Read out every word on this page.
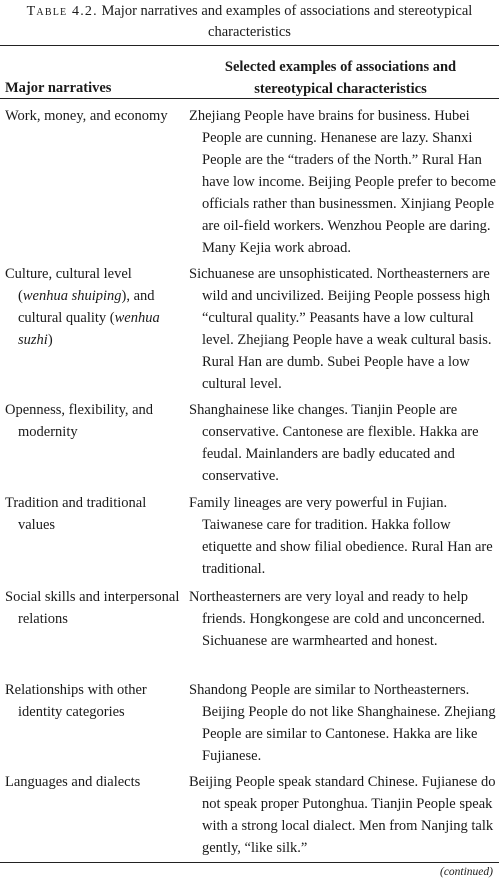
Table 4.2. Major narratives and examples of associations and stereotypical characteristics
Major narratives
Selected examples of associations and
stereotypical characteristics
Work, money, and economy	Zhejiang People have brains for business. Hubei People are cunning. Henanese are lazy. Shanxi People are the “traders of the North.” Rural Han have low income. Beijing People prefer to become officials rather than businessmen. Xinjiang People are oil-field workers. Wenzhou People are daring. Many Kejia work abroad.
Culture, cultural level (wenhua shuiping), and cultural quality (wenhua suzhi)
Sichuanese are unsophisticated. Northeasterners are wild and uncivilized. Beijing People possess high “cultural quality.” Peasants have a low cultural level. Zhejiang People have a weak cultural basis. Rural Han are dumb. Subei People have a low cultural level.
Openness, flexibility, and modernity
Shanghainese like changes. Tianjin People are conservative. Cantonese are flexible. Hakka are feudal. Mainlanders are badly educated and conservative.
Tradition and traditional values
Family lineages are very powerful in Fujian. Taiwanese care for tradition. Hakka follow etiquette and show filial obedience. Rural Han are traditional.
Social skills and interpersonal relations
Northeasterners are very loyal and ready to help friends. Hongkongese are cold and unconcerned. Sichuanese are warmhearted and honest.
Relationships with other identity categories
Shandong People are similar to Northeasterners. Beijing People do not like Shanghainese. Zhejiang People are similar to Cantonese. Hakka are like Fujianese.
Languages and dialects	Beijing People speak standard Chinese. Fujianese do not speak proper Putonghua. Tianjin People speak with a strong local dialect. Men from Nanjing talk gently, “like silk.”
(continued)
